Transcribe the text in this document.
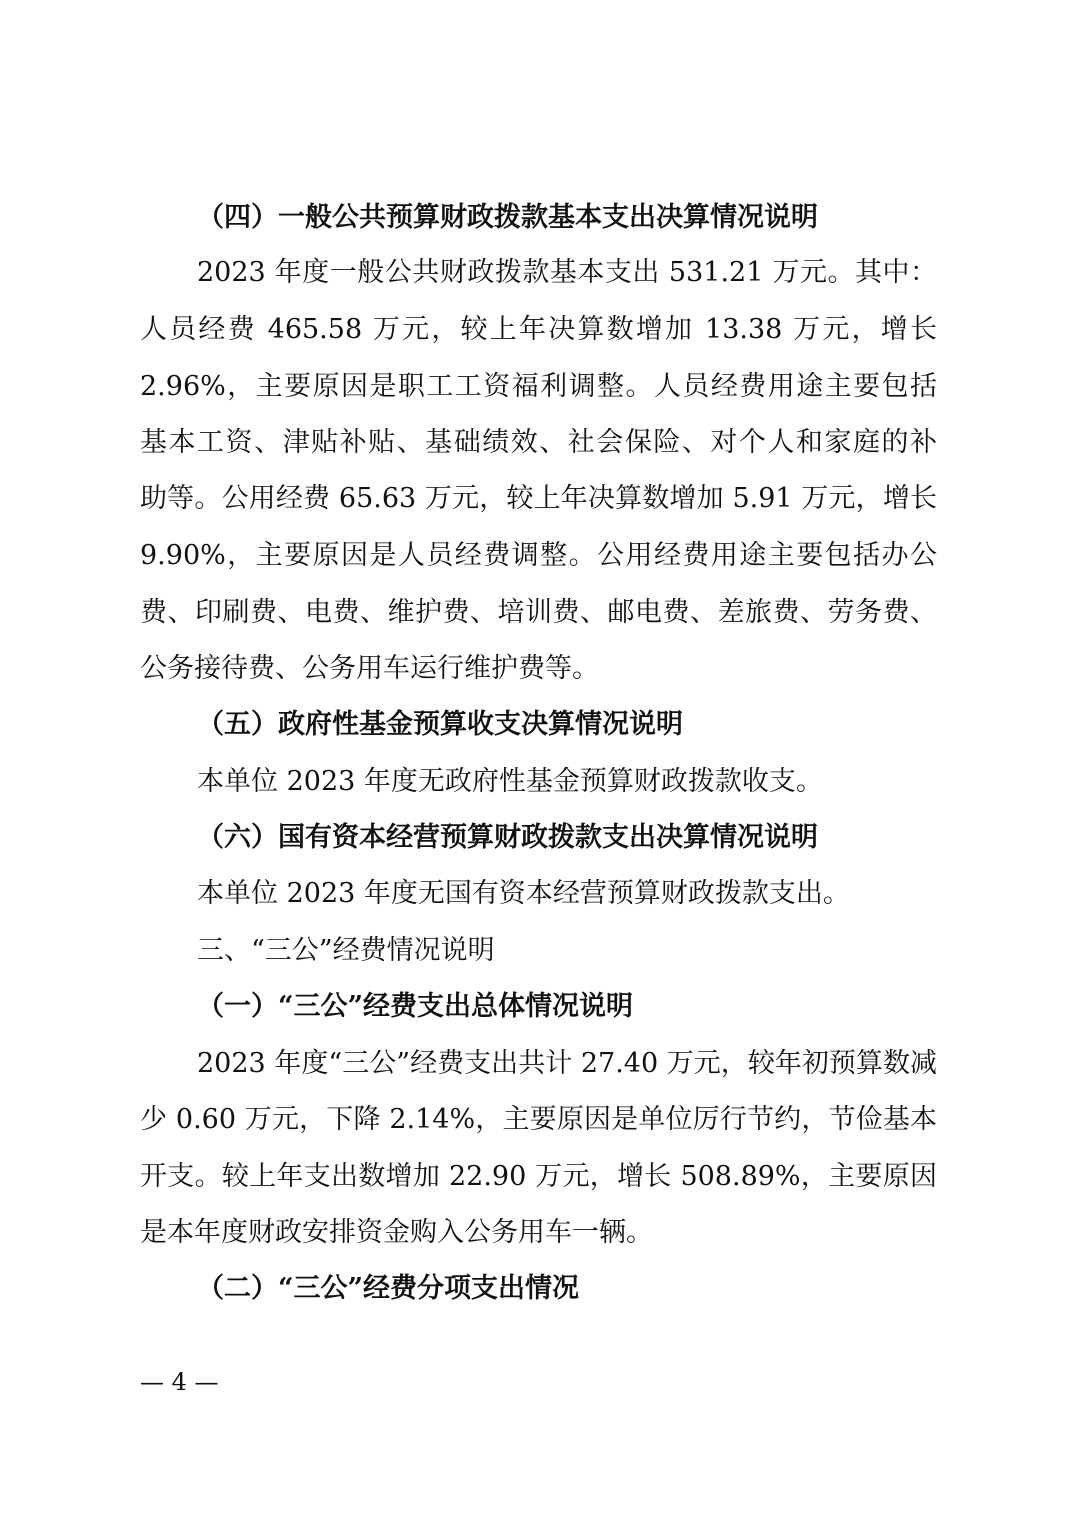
（四）一般公共预算财政拨款基本支出决算情况说明
2023 年度一般公共财政拨款基本支出 531.21 万元。其中：
人员经费 465.58 万元，较上年决算数增加 13.38 万元，增长
2.96%，主要原因是职工工资福利调整。人员经费用途主要包括
基本工资、津贴补贴、基础绩效、社会保险、对个人和家庭的补
助等。公用经费 65.63 万元，较上年决算数增加 5.91 万元，增长
9.90%，主要原因是人员经费调整。公用经费用途主要包括办公
费、印刷费、电费、维护费、培训费、邮电费、差旅费、劳务费、
公务接待费、公务用车运行维护费等。
（五）政府性基金预算收支决算情况说明
本单位 2023 年度无政府性基金预算财政拨款收支。
（六）国有资本经营预算财政拨款支出决算情况说明
本单位 2023 年度无国有资本经营预算财政拨款支出。
三、“三公”经费情况说明
（一）“三公”经费支出总体情况说明
2023 年度“三公”经费支出共计 27.40 万元，较年初预算数减
少 0.60 万元，下降 2.14%，主要原因是单位厉行节约，节俭基本
开支。较上年支出数增加 22.90 万元，增长 508.89%，主要原因
是本年度财政安排资金购入公务用车一辆。
（二）“三公”经费分项支出情况
— 4 —
